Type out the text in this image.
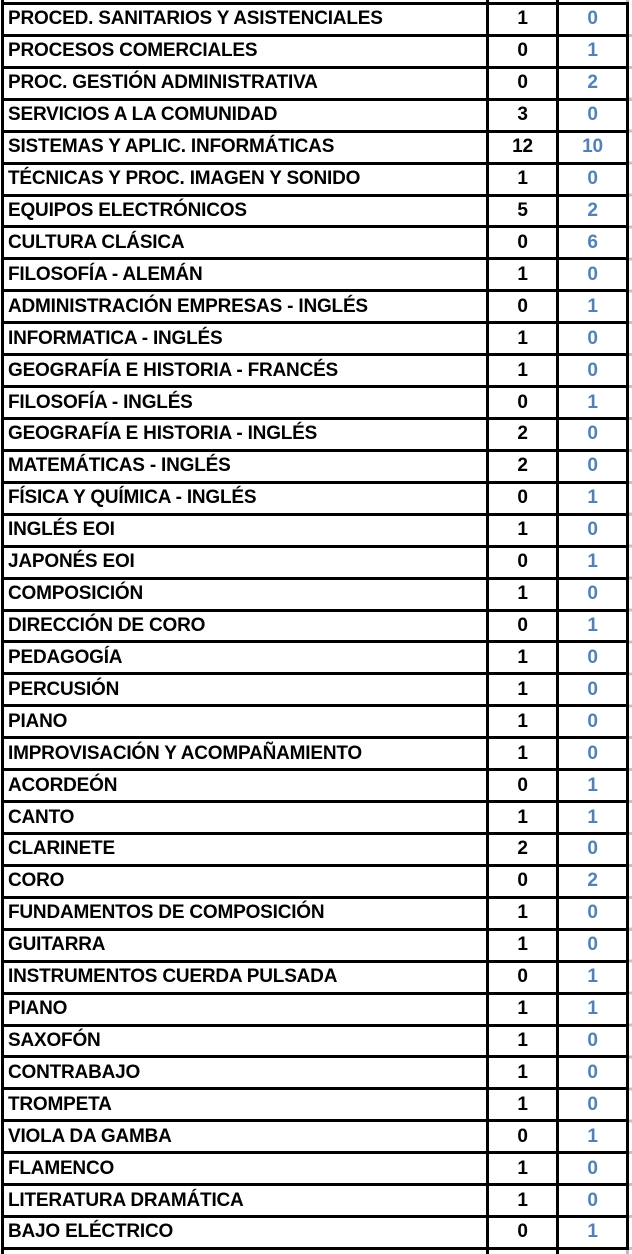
PROCED. SANITARIOS Y ASISTENCIALES	1	0
PROCESOS COMERCIALES	0	1
PROC. GESTIÓN ADMINISTRATIVA	0	2
SERVICIOS A LA COMUNIDAD	3	0
SISTEMAS Y APLIC. INFORMÁTICAS	12	10
TÉCNICAS Y PROC. IMAGEN Y SONIDO	1	0
EQUIPOS ELECTRÓNICOS	5	2
CULTURA CLÁSICA	0	6
FILOSOFÍA - ALEMÁN	1	0
ADMINISTRACIÓN EMPRESAS - INGLÉS	0	1
INFORMATICA - INGLÉS	1	0
GEOGRAFÍA E HISTORIA - FRANCÉS	1	0
FILOSOFÍA - INGLÉS	0	1
GEOGRAFÍA E HISTORIA - INGLÉS	2	0
MATEMÁTICAS - INGLÉS	2	0
FÍSICA Y QUÍMICA - INGLÉS	0	1
INGLÉS EOI	1	0
JAPONÉS EOI	0	1
COMPOSICIÓN	1	0
DIRECCIÓN DE CORO	0	1
PEDAGOGÍA	1	0
PERCUSIÓN	1	0
PIANO	1	0
IMPROVISACIÓN Y ACOMPAÑAMIENTO	1	0
ACORDEÓN	0	1
CANTO	1	1
CLARINETE	2	0
CORO	0	2
FUNDAMENTOS DE COMPOSICIÓN	1	0
GUITARRA	1	0
INSTRUMENTOS CUERDA PULSADA	0	1
PIANO	1	1
SAXOFÓN	1	0
CONTRABAJO	1	0
TROMPETA	1	0
VIOLA DA GAMBA	0	1
FLAMENCO	1	0
LITERATURA DRAMÁTICA	1	0
BAJO ELÉCTRICO	0	1
